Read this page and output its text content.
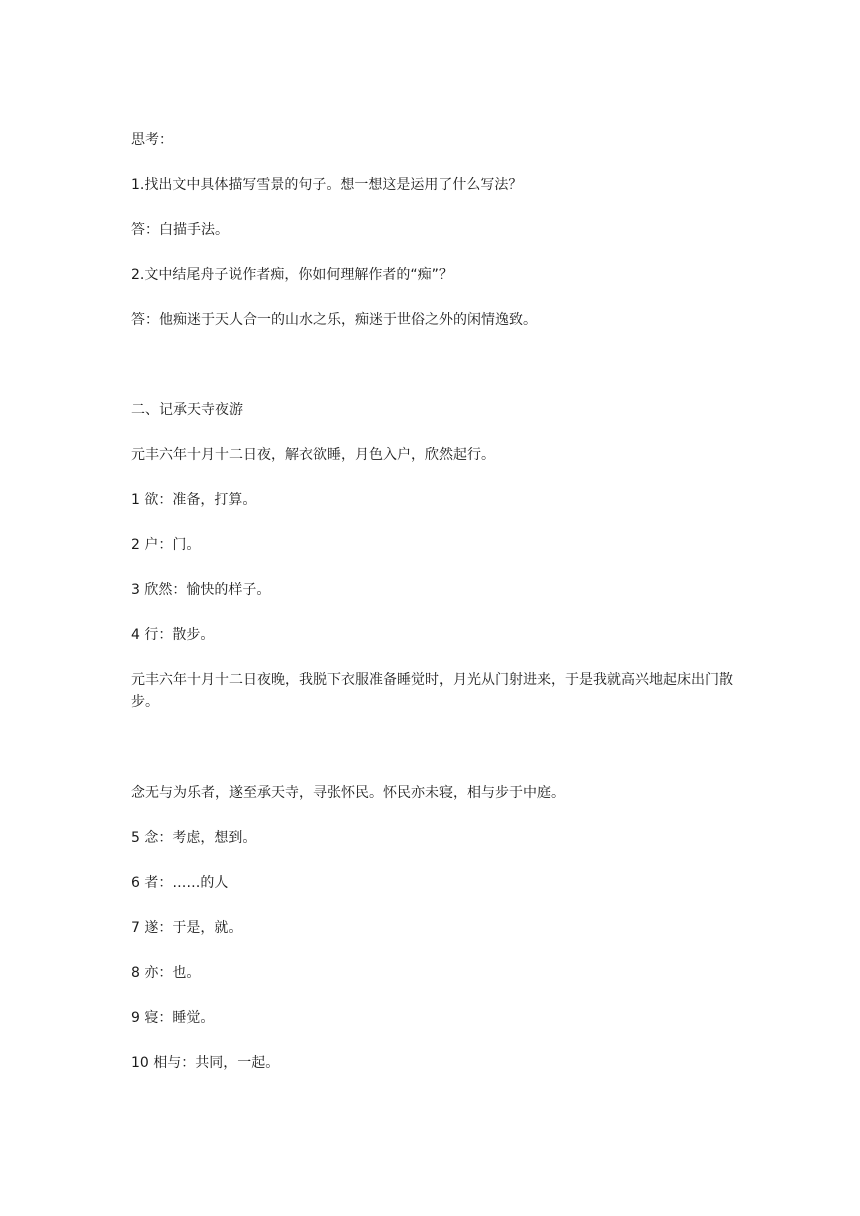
思考：

1.找出文中具体描写雪景的句子。想一想这是运用了什么写法？

答：白描手法。

2.文中结尾舟子说作者痴，你如何理解作者的“痴”？

答：他痴迷于天人合一的山水之乐，痴迷于世俗之外的闲情逸致。

二、记承天寺夜游

元丰六年十月十二日夜，解衣欲睡，月色入户，欣然起行。

1 欲：准备，打算。

2 户：门。

3 欣然：愉快的样子。

4 行：散步。

元丰六年十月十二日夜晚，我脱下衣服准备睡觉时，月光从门射进来，于是我就高兴地起床出门散步。

念无与为乐者，遂至承天寺，寻张怀民。怀民亦未寝，相与步于中庭。

5 念：考虑，想到。

6 者：……的人

7 遂：于是，就。

8 亦：也。

9 寝：睡觉。

10 相与：共同，一起。
